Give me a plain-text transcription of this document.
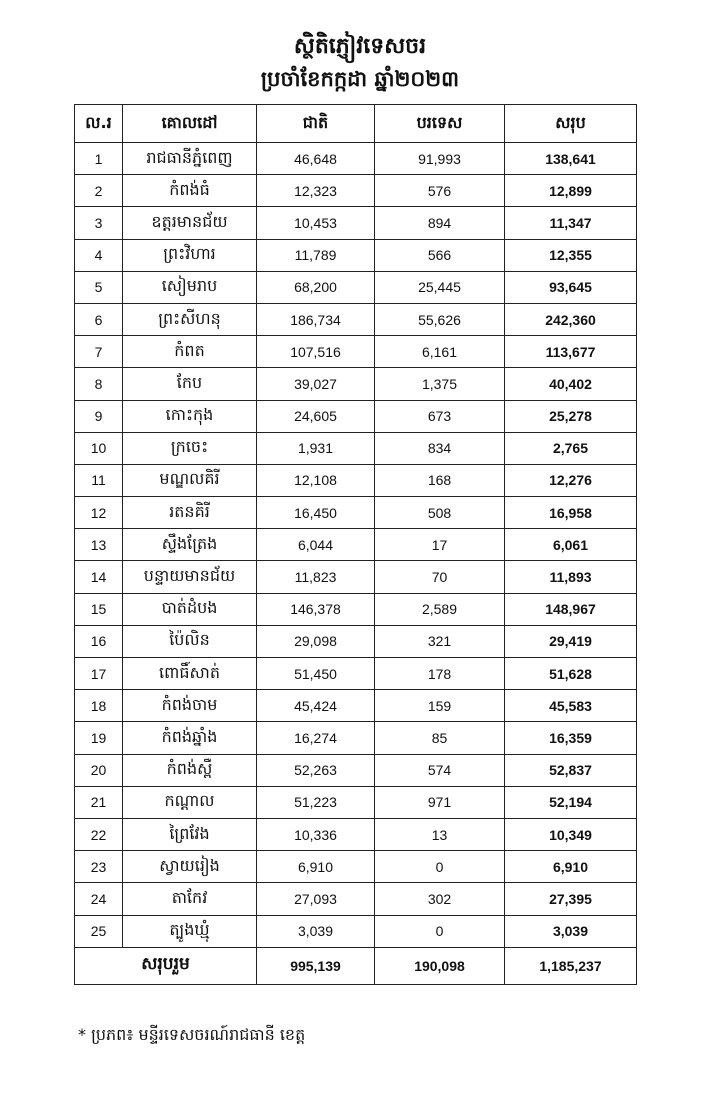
ស្ថិតិភ្ញៀវទេសចរ
ប្រចាំខែកក្កដា ឆ្នាំ២០២៣
ល.រ	គោលដៅ	ជាតិ	បរទេស	សរុប
1	រាជធានីភ្នំពេញ	46,648	91,993	138,641
2	កំពង់ធំ	12,323	576	12,899
3	ឧត្តរមានជ័យ	10,453	894	11,347
4	ព្រះវិហារ	11,789	566	12,355
5	សៀមរាប	68,200	25,445	93,645
6	ព្រះសីហនុ	186,734	55,626	242,360
7	កំពត	107,516	6,161	113,677
8	កែប	39,027	1,375	40,402
9	កោះកុង	24,605	673	25,278
10	ក្រចេះ	1,931	834	2,765
11	មណ្ឌលគិរី	12,108	168	12,276
12	រតនគិរី	16,450	508	16,958
13	ស្ទឹងត្រែង	6,044	17	6,061
14	បន្ទាយមានជ័យ	11,823	70	11,893
15	បាត់ដំបង	146,378	2,589	148,967
16	ប៉ៃលិន	29,098	321	29,419
17	ពោធិ៍សាត់	51,450	178	51,628
18	កំពង់ចាម	45,424	159	45,583
19	កំពង់ឆ្នាំង	16,274	85	16,359
20	កំពង់ស្ពឺ	52,263	574	52,837
21	កណ្ដាល	51,223	971	52,194
22	ព្រៃវែង	10,336	13	10,349
23	ស្វាយរៀង	6,910	0	6,910
24	តាកែវ	27,093	302	27,395
25	ត្បូងឃ្មុំ	3,039	0	3,039
សរុបរួម		995,139	190,098	1,185,237
* ប្រភព៖ មន្ទីរទេសចរណ៍រាជធានី ខេត្ត
